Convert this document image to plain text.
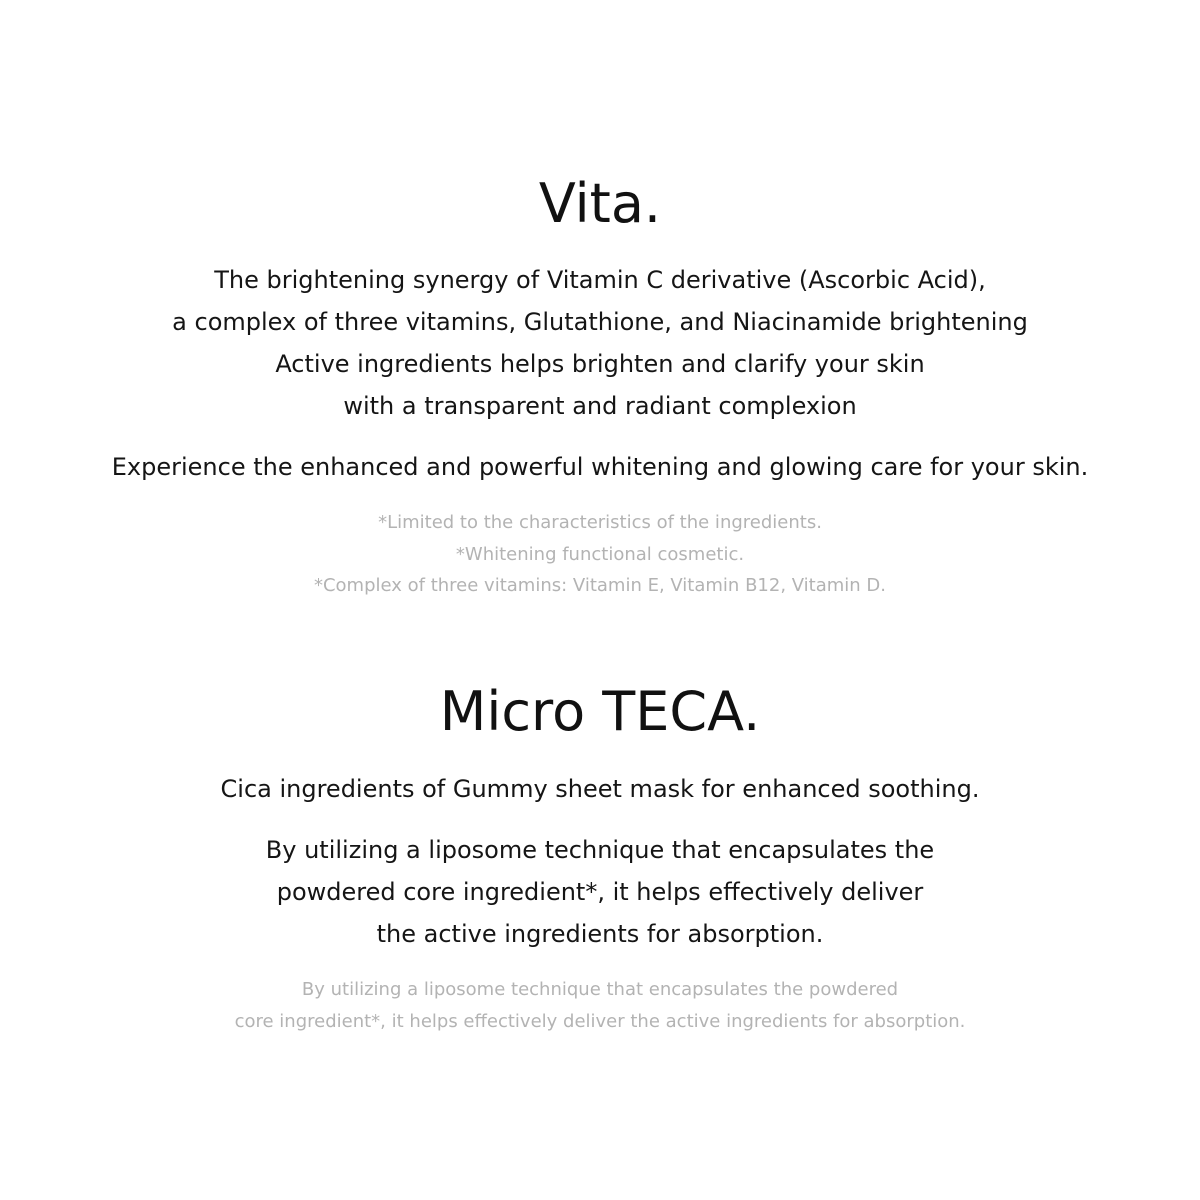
Vita.
The brightening synergy of Vitamin C derivative (Ascorbic Acid),
a complex of three vitamins, Glutathione, and Niacinamide brightening
Active ingredients helps brighten and clarify your skin
with a transparent and radiant complexion
Experience the enhanced and powerful whitening and glowing care for your skin.
*Limited to the characteristics of the ingredients.
*Whitening functional cosmetic.
*Complex of three vitamins: Vitamin E, Vitamin B12, Vitamin D.
Micro TECA.
Cica ingredients of Gummy sheet mask for enhanced soothing.
By utilizing a liposome technique that encapsulates the
powdered core ingredient*, it helps effectively deliver
the active ingredients for absorption.
By utilizing a liposome technique that encapsulates the powdered
core ingredient*, it helps effectively deliver the active ingredients for absorption.
